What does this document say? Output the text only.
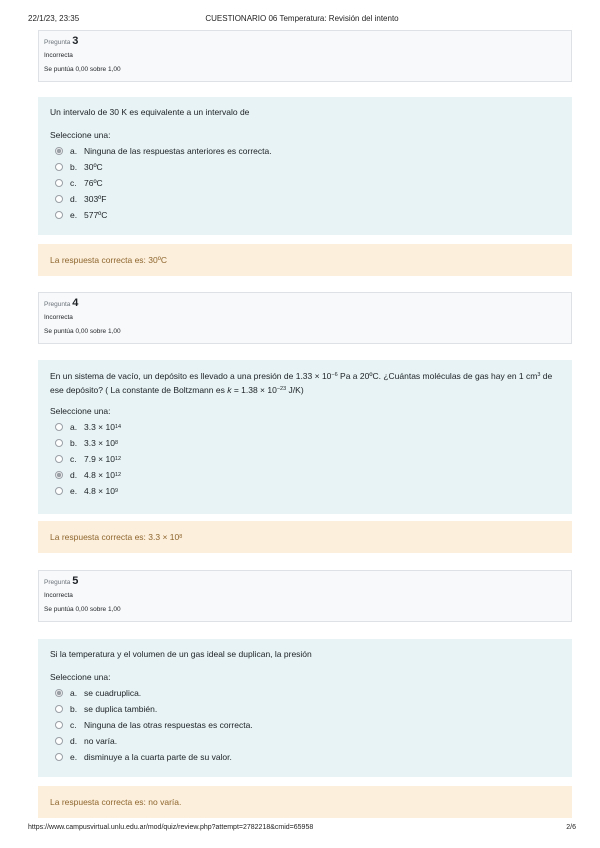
22/1/23, 23:35	CUESTIONARIO 06 Temperatura: Revisión del intento
Pregunta 3
Incorrecta
Se puntúa 0,00 sobre 1,00
Un intervalo de 30 K es equivalente a un intervalo de
Seleccione una:
a. Ninguna de las respuestas anteriores es correcta.
b. 30ºC
c. 76ºC
d. 303ºF
e. 577ºC
La respuesta correcta es: 30ºC
Pregunta 4
Incorrecta
Se puntúa 0,00 sobre 1,00
En un sistema de vacío, un depósito es llevado a una presión de $1.33 \times 10^{-6}$ Pa a 20ºC. ¿Cuántas moléculas de gas hay en 1 $cm^3$ de ese depósito? ( La constante de Boltzmann es $k = 1.38 \times 10^{-23}$ J/K)
Seleccione una:
a. 3.3 × 10 14
b. 3.3 × 10 8
c. 7.9 × 10 12
d. 4.8 × 10 12
e. 4.8 × 10 9
La respuesta correcta es: 3.3 × 10 8
Pregunta 5
Incorrecta
Se puntúa 0,00 sobre 1,00
Si la temperatura y el volumen de un gas ideal se duplican, la presión
Seleccione una:
a. se cuadruplica.
b. se duplica también.
c. Ninguna de las otras respuestas es correcta.
d. no varía.
e. disminuye a la cuarta parte de su valor.
La respuesta correcta es: no varía.
https://www.campusvirtual.unlu.edu.ar/mod/quiz/review.php?attempt=2782218&cmid=65958	2/6
